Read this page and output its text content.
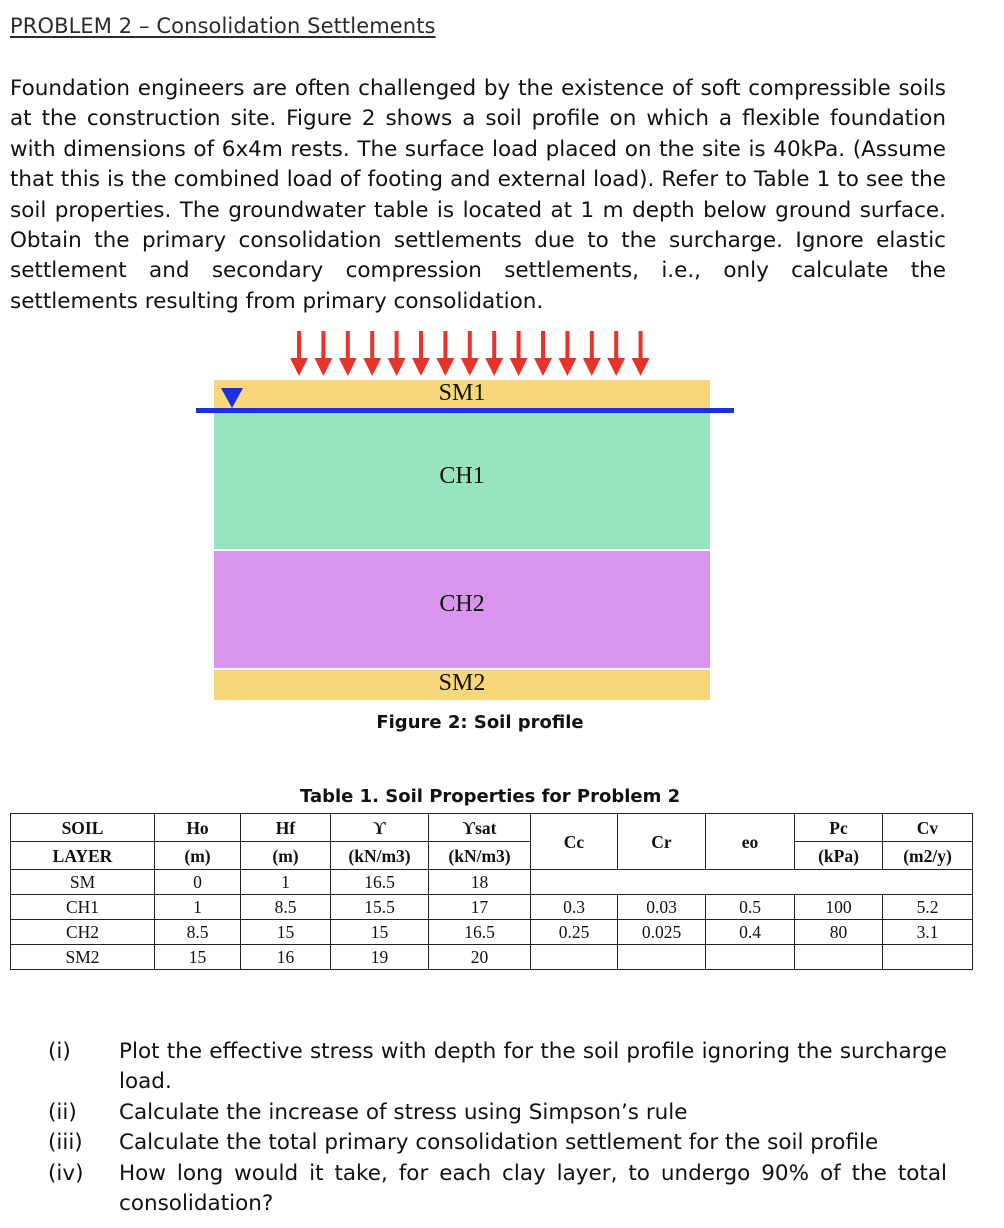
PROBLEM 2 – Consolidation Settlements
Foundation engineers are often challenged by the existence of soft compressible soils at the construction site. Figure 2 shows a soil profile on which a flexible foundation with dimensions of 6x4m rests. The surface load placed on the site is 40kPa. (Assume that this is the combined load of footing and external load). Refer to Table 1 to see the soil properties. The groundwater table is located at 1 m depth below ground surface. Obtain the primary consolidation settlements due to the surcharge. Ignore elastic settlement and secondary compression settlements, i.e., only calculate the settlements resulting from primary consolidation.
SM1
CH1
CH2
SM2
Figure 2: Soil profile
Table 1. Soil Properties for Problem 2
SOIL	Ho	Hf	ϒ	ϒsat	Cc	Cr	eo	Pc	Cv
LAYER	(m)	(m)	(kN/m3)	(kN/m3)				(kPa)	(m2/y)
SM	0	1	16.5	18					
CH1	1	8.5	15.5	17	0.3	0.03	0.5	100	5.2
CH2	8.5	15	15	16.5	0.25	0.025	0.4	80	3.1
SM2	15	16	19	20					
(i) Plot the effective stress with depth for the soil profile ignoring the surcharge load.
(ii) Calculate the increase of stress using Simpson’s rule
(iii) Calculate the total primary consolidation settlement for the soil profile
(iv) How long would it take, for each clay layer, to undergo 90% of the total consolidation?
